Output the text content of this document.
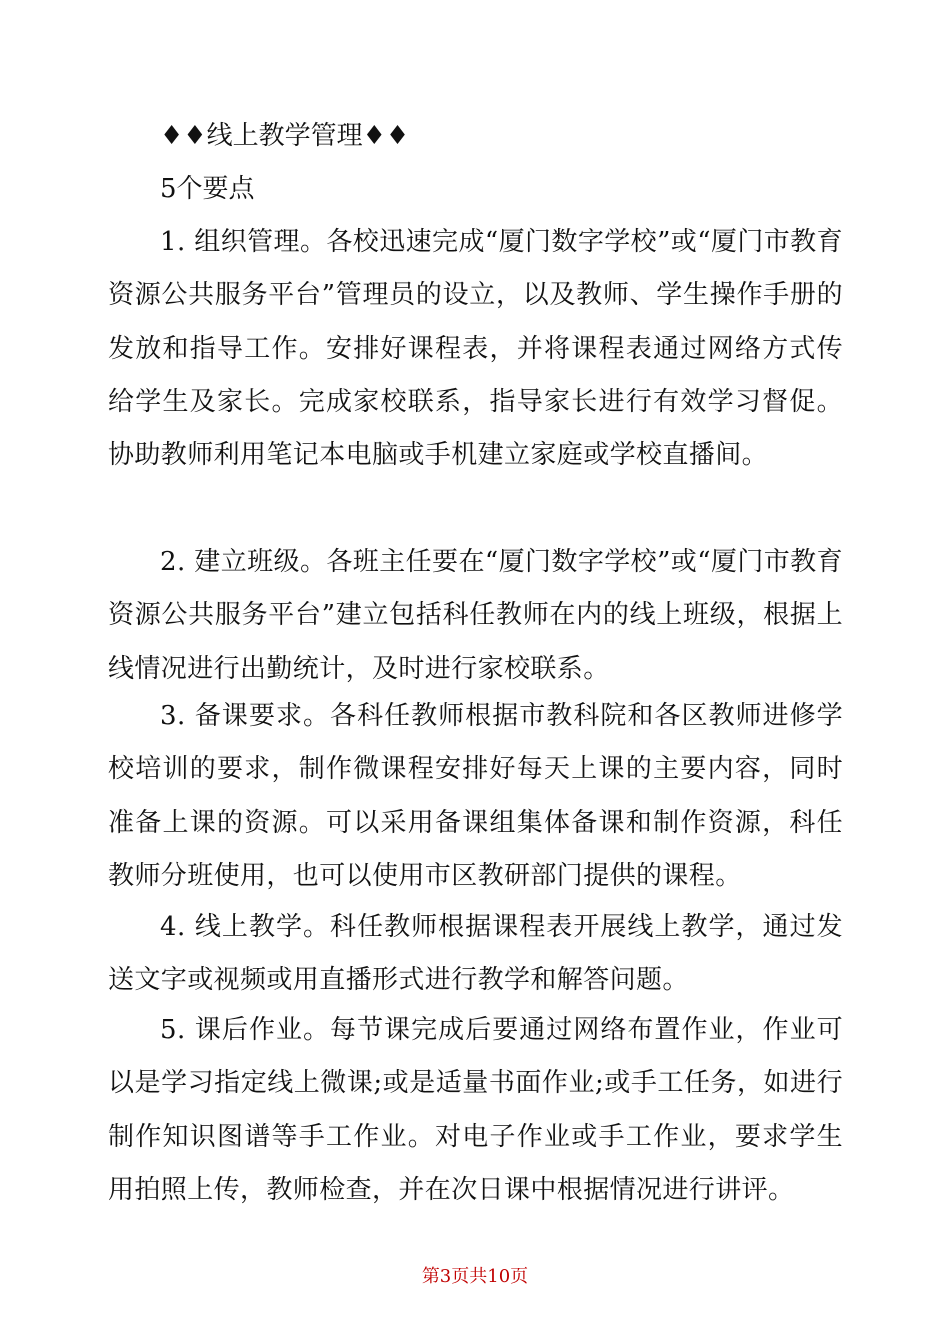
♦♦线上教学管理♦♦

5个要点

1. 组织管理。各校迅速完成“厦门数字学校”或“厦门市教育资源公共服务平台”管理员的设立，以及教师、学生操作手册的发放和指导工作。安排好课程表，并将课程表通过网络方式传给学生及家长。完成家校联系，指导家长进行有效学习督促。协助教师利用笔记本电脑或手机建立家庭或学校直播间。

2. 建立班级。各班主任要在“厦门数字学校”或“厦门市教育资源公共服务平台”建立包括科任教师在内的线上班级，根据上线情况进行出勤统计，及时进行家校联系。

3. 备课要求。各科任教师根据市教科院和各区教师进修学校培训的要求，制作微课程安排好每天上课的主要内容，同时准备上课的资源。可以采用备课组集体备课和制作资源，科任教师分班使用，也可以使用市区教研部门提供的课程。

4. 线上教学。科任教师根据课程表开展线上教学，通过发送文字或视频或用直播形式进行教学和解答问题。

5. 课后作业。每节课完成后要通过网络布置作业，作业可以是学习指定线上微课;或是适量书面作业;或手工任务，如进行制作知识图谱等手工作业。对电子作业或手工作业，要求学生用拍照上传，教师检查，并在次日课中根据情况进行讲评。

第3页共10页
